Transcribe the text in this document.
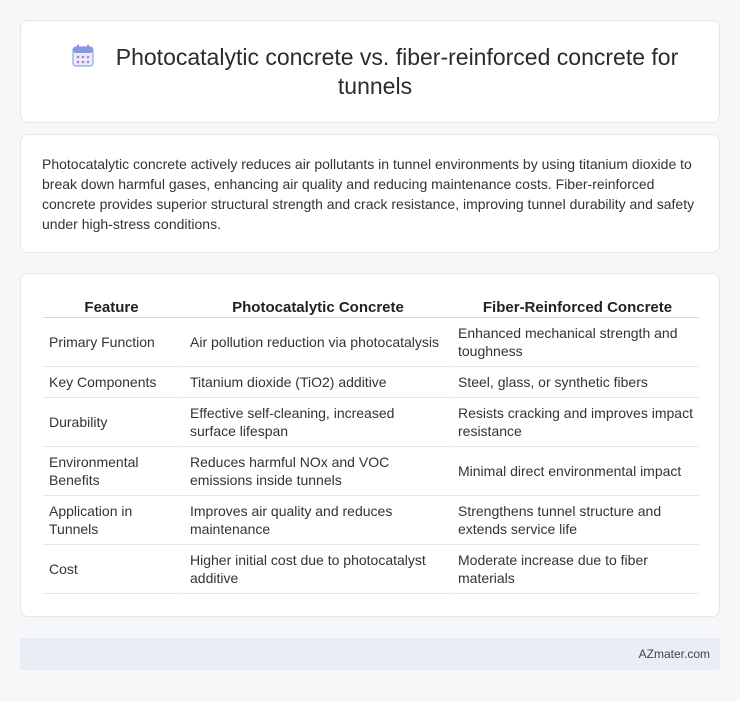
Photocatalytic concrete vs. fiber-reinforced concrete for tunnels

Photocatalytic concrete actively reduces air pollutants in tunnel environments by using titanium dioxide to break down harmful gases, enhancing air quality and reducing maintenance costs. Fiber-reinforced concrete provides superior structural strength and crack resistance, improving tunnel durability and safety under high-stress conditions.

Feature	Photocatalytic Concrete	Fiber-Reinforced Concrete
Primary Function	Air pollution reduction via photocatalysis	Enhanced mechanical strength and toughness
Key Components	Titanium dioxide (TiO2) additive	Steel, glass, or synthetic fibers
Durability	Effective self-cleaning, increased surface lifespan	Resists cracking and improves impact resistance
Environmental Benefits	Reduces harmful NOx and VOC emissions inside tunnels	Minimal direct environmental impact
Application in Tunnels	Improves air quality and reduces maintenance	Strengthens tunnel structure and extends service life
Cost	Higher initial cost due to photocatalyst additive	Moderate increase due to fiber materials
AZmater.com
